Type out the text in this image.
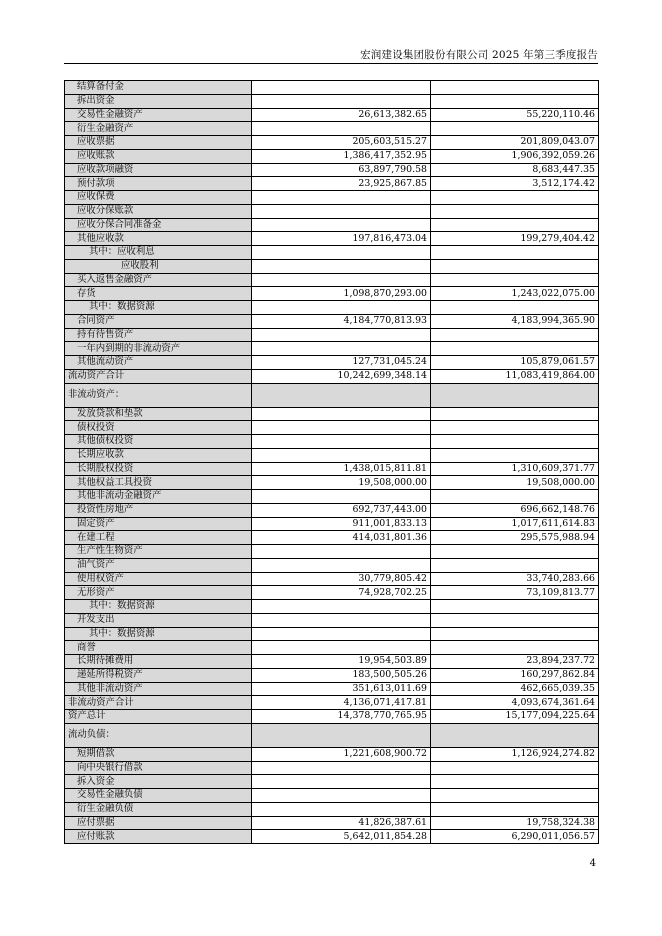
宏润建设集团股份有限公司 2025 年第三季度报告
结算备付金		
拆出资金		
交易性金融资产	26,613,382.65	55,220,110.46
衍生金融资产		
应收票据	205,603,515.27	201,809,043.07
应收账款	1,386,417,352.95	1,906,392,059.26
应收款项融资	63,897,790.58	8,683,447.35
预付款项	23,925,867.85	3,512,174.42
应收保费		
应收分保账款		
应收分保合同准备金		
其他应收款	197,816,473.04	199,279,404.42
其中：应收利息		
应收股利		
买入返售金融资产		
存货	1,098,870,293.00	1,243,022,075.00
其中：数据资源		
合同资产	4,184,770,813.93	4,183,994,365.90
持有待售资产		
一年内到期的非流动资产		
其他流动资产	127,731,045.24	105,879,061.57
流动资产合计	10,242,699,348.14	11,083,419,864.00
非流动资产：		
发放贷款和垫款		
债权投资		
其他债权投资		
长期应收款		
长期股权投资	1,438,015,811.81	1,310,609,371.77
其他权益工具投资	19,508,000.00	19,508,000.00
其他非流动金融资产		
投资性房地产	692,737,443.00	696,662,148.76
固定资产	911,001,833.13	1,017,611,614.83
在建工程	414,031,801.36	295,575,988.94
生产性生物资产		
油气资产		
使用权资产	30,779,805.42	33,740,283.66
无形资产	74,928,702.25	73,109,813.77
其中：数据资源		
开发支出		
其中：数据资源		
商誉		
长期待摊费用	19,954,503.89	23,894,237.72
递延所得税资产	183,500,505.26	160,297,862.84
其他非流动资产	351,613,011.69	462,665,039.35
非流动资产合计	4,136,071,417.81	4,093,674,361.64
资产总计	14,378,770,765.95	15,177,094,225.64
流动负债：		
短期借款	1,221,608,900.72	1,126,924,274.82
向中央银行借款		
拆入资金		
交易性金融负债		
衍生金融负债		
应付票据	41,826,387.61	19,758,324.38
应付账款	5,642,011,854.28	6,290,011,056.57
4
